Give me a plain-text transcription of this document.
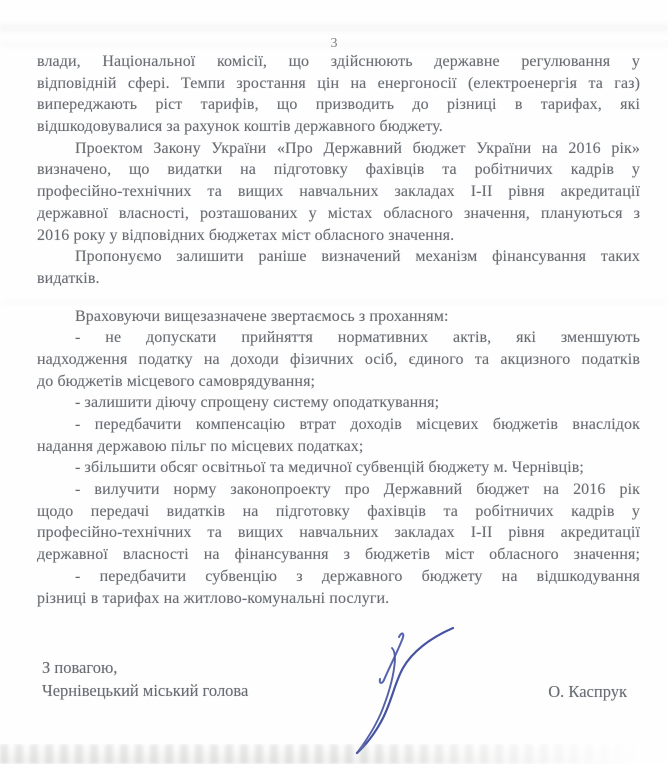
3

влади, Національної комісії, що здійснюють державне регулювання у

відповідній сфері. Темпи зростання цін на енергоносії (електроенергія та газ)

випереджають ріст тарифів, що призводить до різниці в тарифах, які

відшкодовувалися за рахунок коштів державного бюджету.

Проектом Закону України «Про Державний бюджет України на 2016 рік»

визначено, що видатки на підготовку фахівців та робітничих кадрів у

професійно-технічних та вищих навчальних закладах І-ІІ рівня акредитації

державної власності, розташованих у містах обласного значення, плануються з

2016 року у відповідних бюджетах міст обласного значення.

Пропонуємо залишити раніше визначений механізм фінансування таких

видатків.

Враховуючи вищезазначене звертаємось з проханням:

- не допускати прийняття нормативних актів, які зменшують

надходження податку на доходи фізичних осіб, єдиного та акцизного податків

до бюджетів місцевого самоврядування;

- залишити діючу спрощену систему оподаткування;

- передбачити компенсацію втрат доходів місцевих бюджетів внаслідок

надання державою пільг по місцевих податках;

- збільшити обсяг освітньої та медичної субвенцій бюджету м. Чернівців;

- вилучити норму законопроекту про Державний бюджет на 2016 рік

щодо передачі видатків на підготовку фахівців та робітничих кадрів у

професійно-технічних та вищих навчальних закладах І-ІІ рівня акредитації

державної власності на фінансування з бюджетів міст обласного значення;

- передбачити субвенцію з державного бюджету на відшкодування

різниці в тарифах на житлово-комунальні послуги.

З повагою,
Чернівецький міський голова	О. Каспрук
